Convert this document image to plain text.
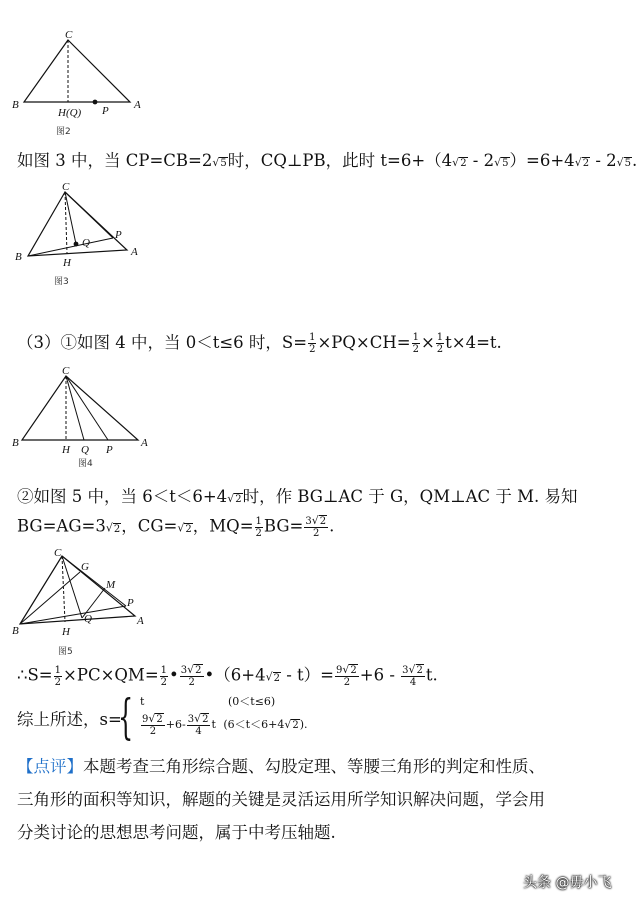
C
B	A
H(Q) P
图2
如图 3 中，当 CP=CB=2√5时，CQ⊥PB，此时 t=6+（4√2 - 2√5）=6+4√2 - 2√5.
C
B	A
H
Q
P
图3
（3）①如图 4 中，当 0＜t≤6 时，$S= \frac{1}{2} \times PQ\times CH= \frac{1}{2} \times \frac{1}{2} t\times 4=t$.
C
B	A
H Q P
图4
②如图 5 中，当 6＜t＜6+4√2时，作 BG⊥AC 于 G，QM⊥AC 于 M. 易知
BG=AG=3√2，CG=√2，$MQ= \frac{1}{2} BG= \frac{3√2}{2}$ .
C
B
A
G
M
P
Q
H
图5
∴S= $\frac{1}{2} \times PC\times QM= \frac{1}{2}$ • $\frac{3√2}{2}$ •（6+4√2 - $t)= \frac{9√2}{2} +6 - \frac{3√2}{4} t$.
综上所述，s=
{ t	(0＜t≤6)
$\frac{9√2}{2} +6- \frac{3√2}{4}$ t (6＜t＜6+4√2).
【点评】本题考查三角形综合题、勾股定理、等腰三角形的判定和性质、
三角形的面积等知识，解题的关键是灵活运用所学知识解决问题，学会用
分类讨论的思想思考问题，属于中考压轴题.
头条 @毋小飞
